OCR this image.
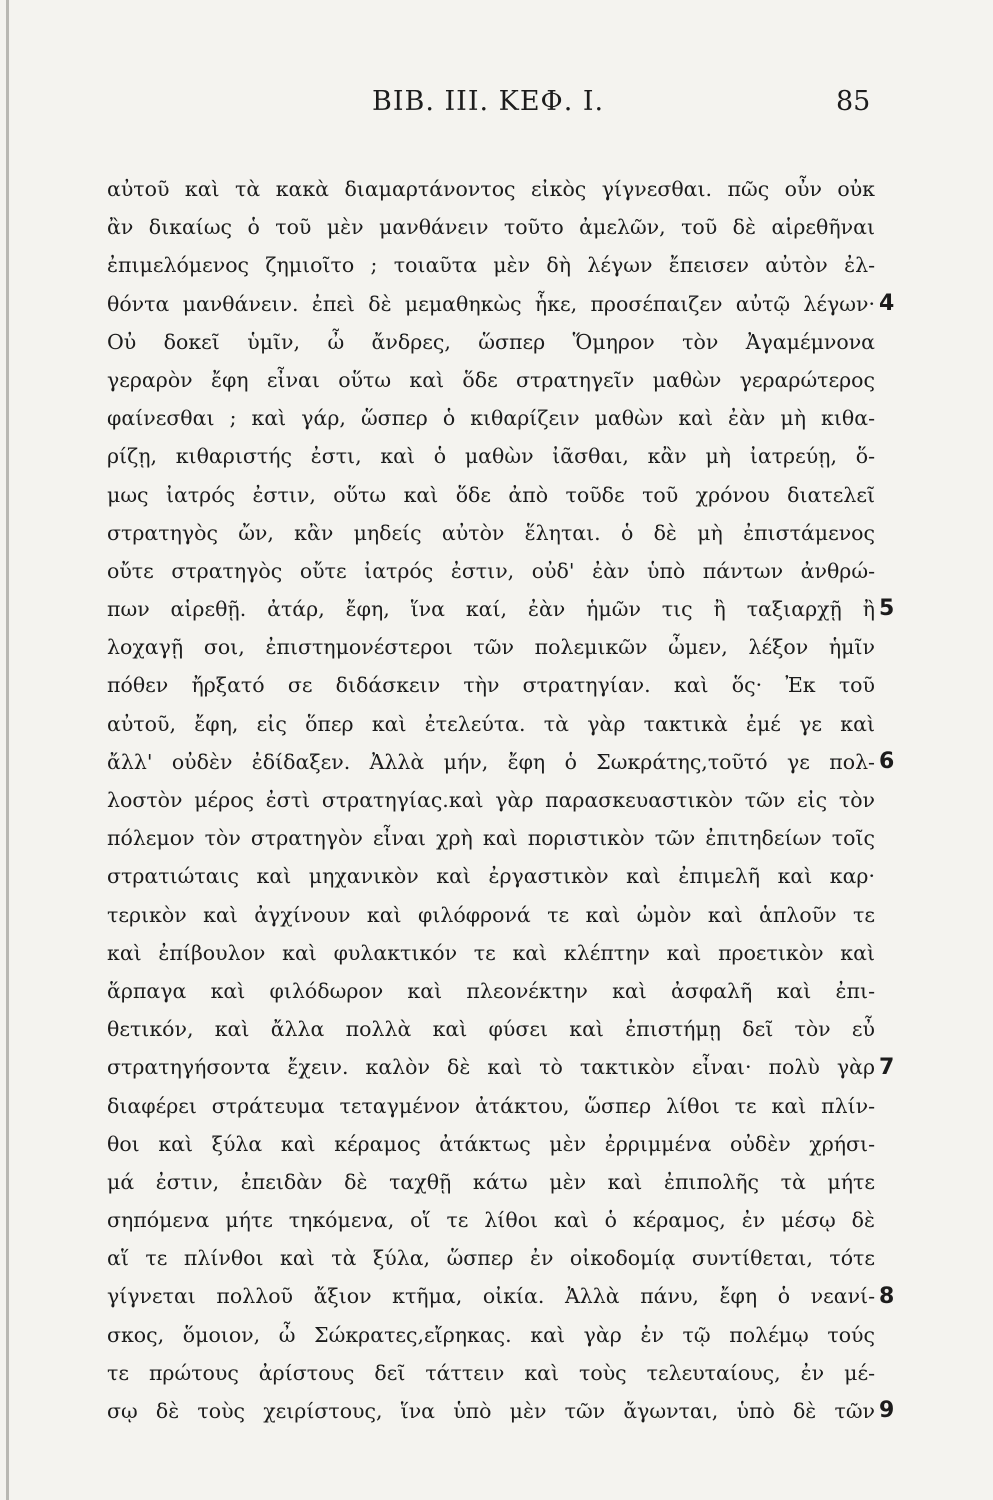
BIB. III. ΚΕΦ. I.	85
αὐτοῦ καὶ τὰ κακὰ διαμαρτάνοντος εἰκὸς γίγνεσθαι. πῶς οὖν οὐκ
ἂν δικαίως ὁ τοῦ μὲν μανθάνειν τοῦτο ἀμελῶν, τοῦ δὲ αἱρεθῆναι
ἐπιμελόμενος ζημιοῖτο ; τοιαῦτα μὲν δὴ λέγων ἔπεισεν αὐτὸν ἐλ-
θόντα μανθάνειν. ἐπεὶ δὲ μεμαθηκὼς ἧκε, προσέπαιζεν αὐτῷ λέγων·
Οὐ δοκεῖ ὑμῖν, ὦ ἄνδρες, ὥσπερ Ὅμηρον τὸν Ἀγαμέμνονα
γεραρὸν ἔφη εἶναι οὕτω καὶ ὅδε στρατηγεῖν μαθὼν γεραρώτερος
φαίνεσθαι ; καὶ γάρ, ὥσπερ ὁ κιθαρίζειν μαθὼν καὶ ἐὰν μὴ κιθα-
ρίζῃ, κιθαριστής ἐστι, καὶ ὁ μαθὼν ἰᾶσθαι, κἂν μὴ ἰατρεύῃ, ὅ-
μως ἰατρός ἐστιν, οὕτω καὶ ὅδε ἀπὸ τοῦδε τοῦ χρόνου διατελεῖ
στρατηγὸς ὤν, κἂν μηδείς αὐτὸν ἕληται. ὁ δὲ μὴ ἐπιστάμενος
οὔτε στρατηγὸς οὔτε ἰατρός ἐστιν, οὐδ' ἐὰν ὑπὸ πάντων ἀνθρώ-
πων αἱρεθῇ. ἀτάρ, ἔφη, ἵνα καί, ἐὰν ἡμῶν τις ἢ ταξιαρχῇ ἢ
λοχαγῇ σοι, ἐπιστημονέστεροι τῶν πολεμικῶν ὦμεν, λέξον ἡμῖν
πόθεν ἤρξατό σε διδάσκειν τὴν στρατηγίαν. καὶ ὅς· Ἐκ τοῦ
αὐτοῦ, ἔφη, εἰς ὅπερ καὶ ἐτελεύτα. τὰ γὰρ τακτικὰ ἐμέ γε καὶ
ἄλλ' οὐδὲν ἐδίδαξεν. Ἀλλὰ μήν, ἔφη ὁ Σωκράτης,τοῦτό γε πολ-
λοστὸν μέρος ἐστὶ στρατηγίας.καὶ γὰρ παρασκευαστικὸν τῶν εἰς τὸν
πόλεμον τὸν στρατηγὸν εἶναι χρὴ καὶ ποριστικὸν τῶν ἐπιτηδείων τοῖς
στρατιώταις καὶ μηχανικὸν καὶ ἐργαστικὸν καὶ ἐπιμελῆ καὶ καρ·
τερικὸν καὶ ἀγχίνουν καὶ φιλόφρονά τε καὶ ὠμὸν καὶ ἁπλοῦν τε
καὶ ἐπίβουλον καὶ φυλακτικόν τε καὶ κλέπτην καὶ προετικὸν καὶ
ἅρπαγα καὶ φιλόδωρον καὶ πλεονέκτην καὶ ἀσφαλῆ καὶ ἐπι-
θετικόν, καὶ ἄλλα πολλὰ καὶ φύσει καὶ ἐπιστήμῃ δεῖ τὸν εὖ
στρατηγήσοντα ἔχειν. καλὸν δὲ καὶ τὸ τακτικὸν εἶναι· πολὺ γὰρ
διαφέρει στράτευμα τεταγμένον ἀτάκτου, ὥσπερ λίθοι τε καὶ πλίν-
θοι καὶ ξύλα καὶ κέραμος ἀτάκτως μὲν ἐρριμμένα οὐδὲν χρήσι-
μά ἐστιν, ἐπειδὰν δὲ ταχθῇ κάτω μὲν καὶ ἐπιπολῆς τὰ μήτε
σηπόμενα μήτε τηκόμενα, οἵ τε λίθοι καὶ ὁ κέραμος, ἐν μέσῳ δὲ
αἵ τε πλίνθοι καὶ τὰ ξύλα, ὥσπερ ἐν οἰκοδομίᾳ συντίθεται, τότε
γίγνεται πολλοῦ ἄξιον κτῆμα, οἰκία. Ἀλλὰ πάνυ, ἔφη ὁ νεανί-
σκος, ὅμοιον, ὦ Σώκρατες,εἴρηκας. καὶ γὰρ ἐν τῷ πολέμῳ τούς
τε πρώτους ἀρίστους δεῖ τάττειν καὶ τοὺς τελευταίους, ἐν μέ-
σῳ δὲ τοὺς χειρίστους, ἵνα ὑπὸ μὲν τῶν ἄγωνται, ὑπὸ δὲ τῶν
4
5
6
7
8
9
